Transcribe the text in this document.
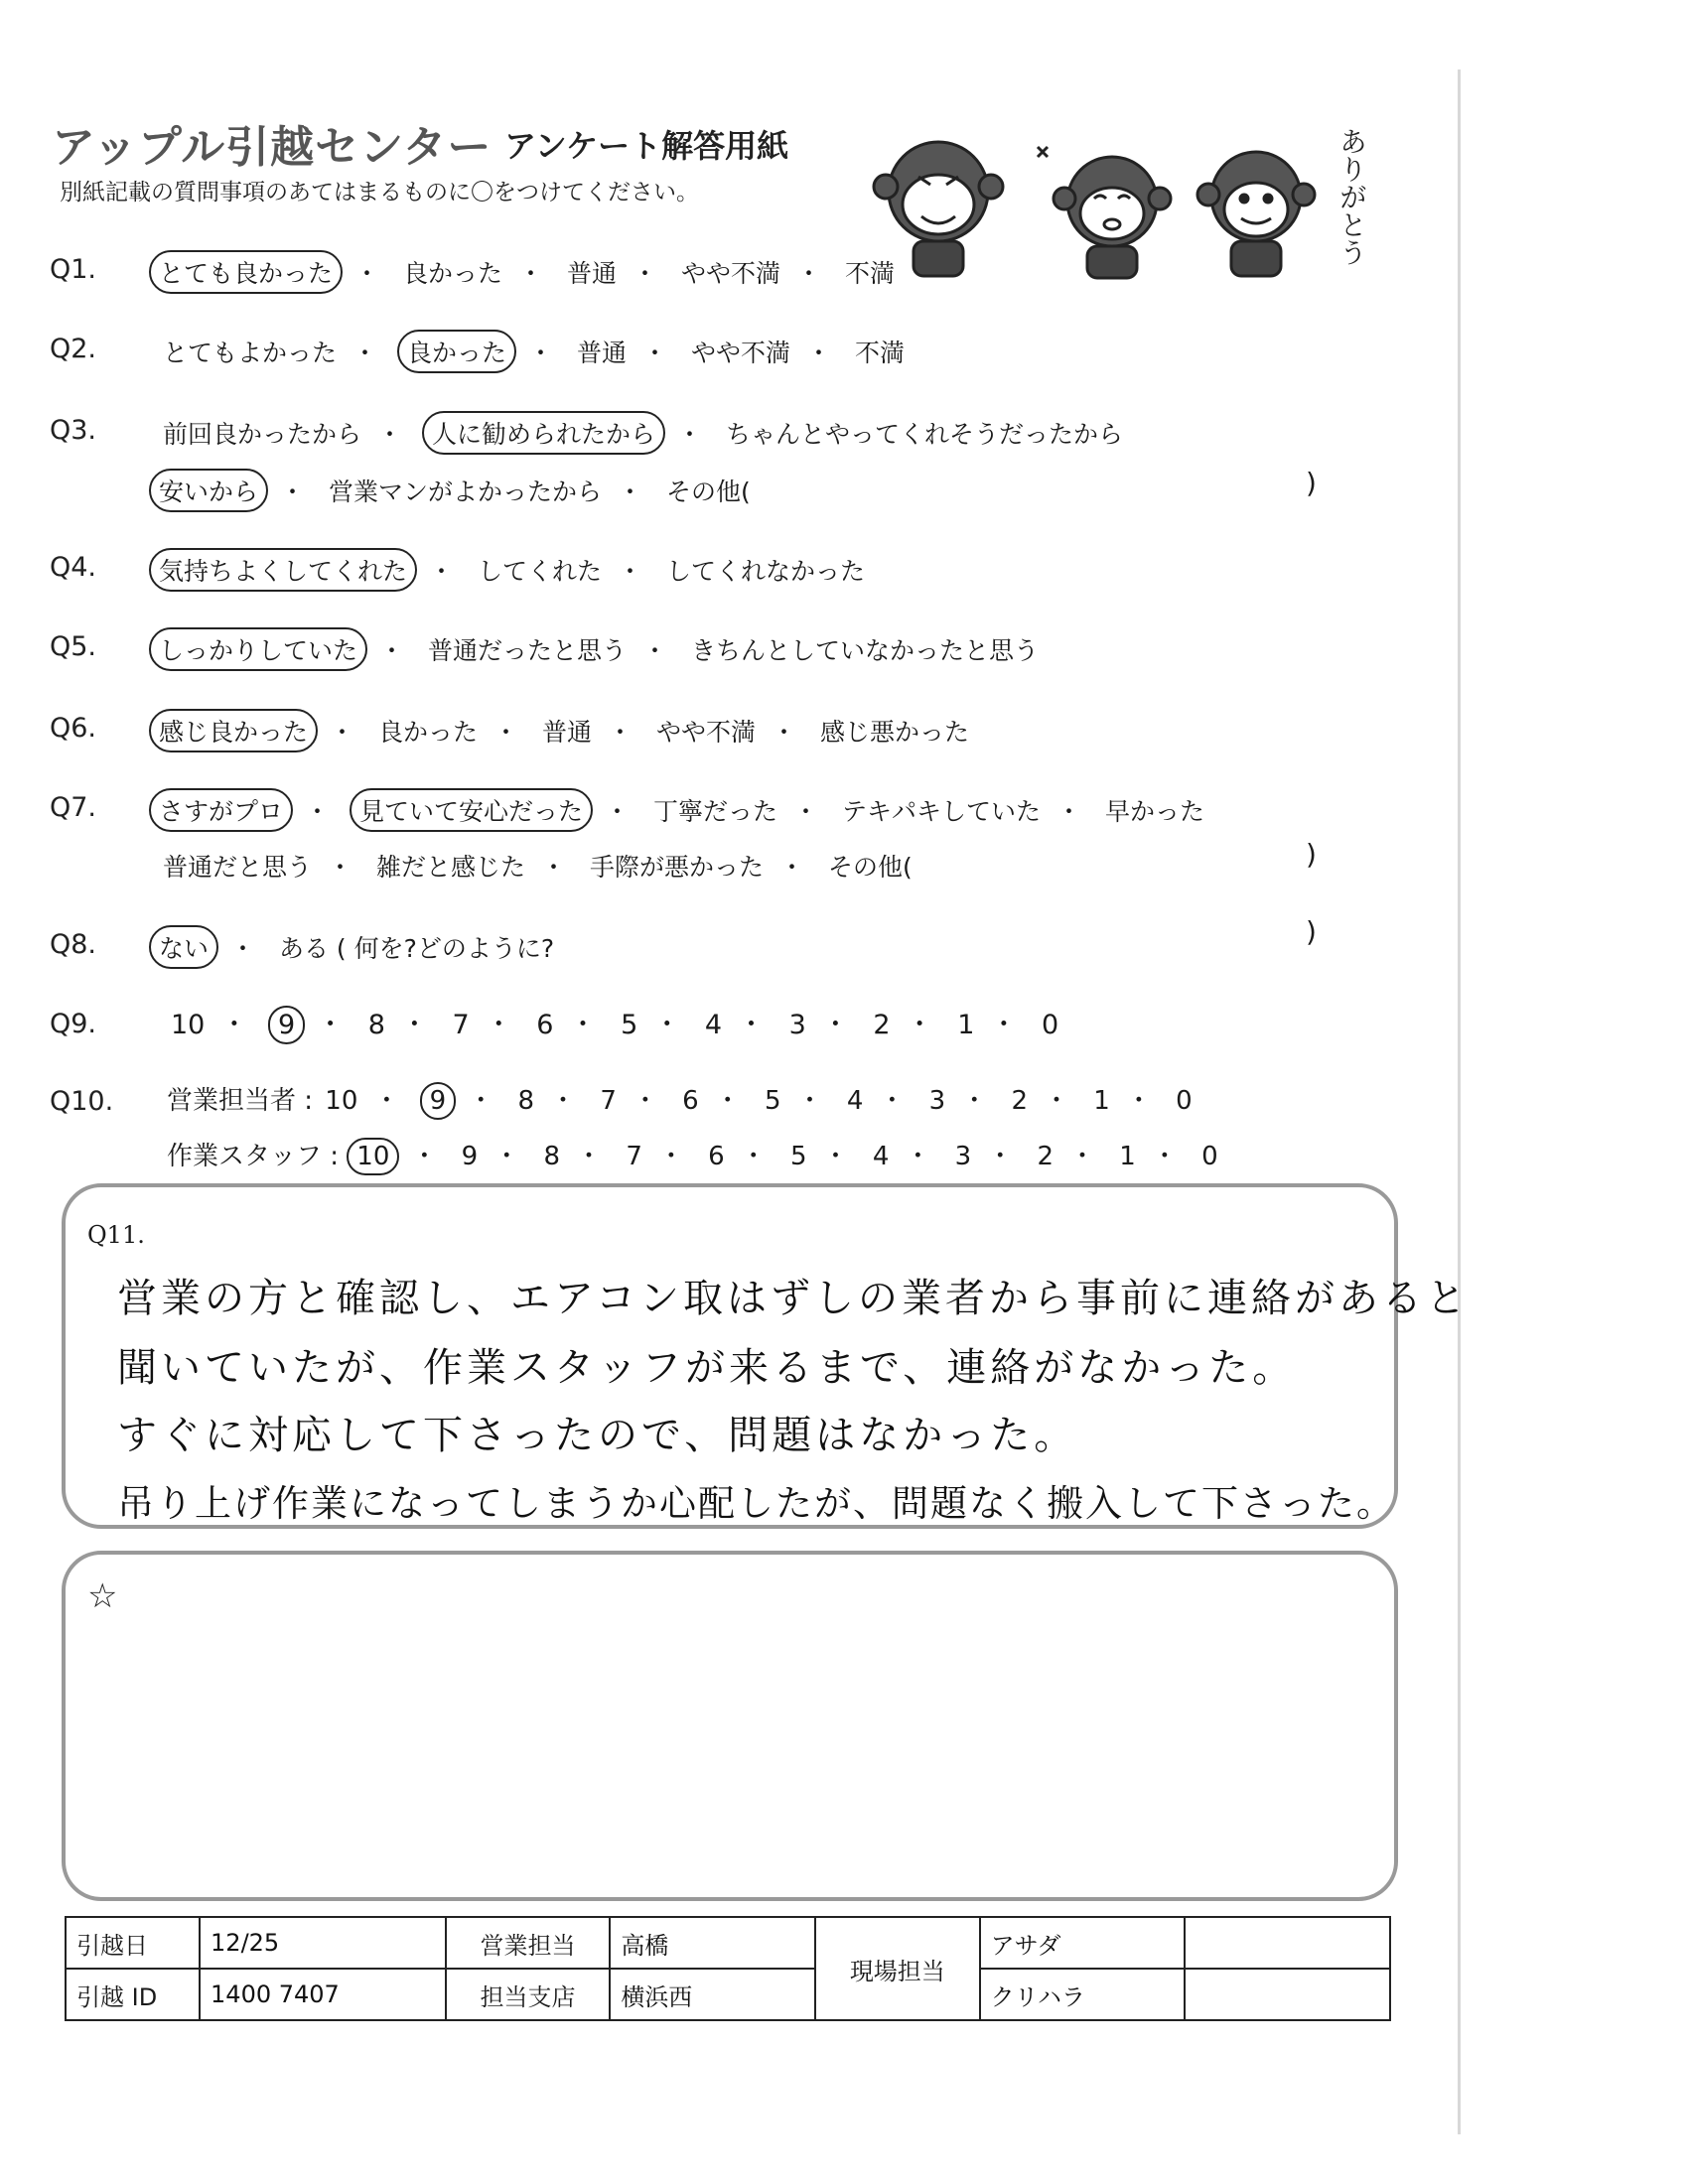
アップル引越センター アンケート解答用紙
別紙記載の質問事項のあてはまるものに〇をつけてください。	ありがとう
Q1.	とても良かった ・ 良かった ・ 普通 ・ やや不満 ・ 不満
Q2.	とてもよかった ・ 良かった ・ 普通 ・ やや不満 ・ 不満
Q3.	前回良かったから ・ 人に勧められたから ・ ちゃんとやってくれそうだったから
安いから ・ 営業マンがよかったから ・ その他(	)
Q4.	気持ちよくしてくれた ・ してくれた ・ してくれなかった
Q5.	しっかりしていた ・ 普通だったと思う ・ きちんとしていなかったと思う
Q6.	感じ良かった ・ 良かった ・ 普通 ・ やや不満 ・ 感じ悪かった
Q7.	さすがプロ ・ 見ていて安心だった ・ 丁寧だった ・ テキパキしていた ・ 早かった
普通だと思う ・ 雑だと感じた ・ 手際が悪かった ・ その他(	)
Q8.	ない ・ ある ( 何を?どのように?
)
Q9.	10 ・ 9 ・ 8 ・ 7 ・ 6 ・ 5 ・ 4 ・ 3 ・ 2 ・ 1 ・ 0
Q10. 営業担当者 : 10 ・ 9 ・ 8 ・ 7 ・ 6 ・ 5 ・ 4 ・ 3 ・ 2 ・ 1 ・ 0
作業スタッフ : 10 ・ 9 ・ 8 ・ 7 ・ 6 ・ 5 ・ 4 ・ 3 ・ 2 ・ 1 ・ 0
Q11.
営業の方と確認し、エアコン取はずしの業者から事前に連絡があると
聞いていたが、作業スタッフが来るまで、連絡がなかった。
すぐに対応して下さったので、問題はなかった。
吊り上げ作業になってしまうか心配したが、問題なく搬入して下さった。
☆
引越日	12/25	営業担当	高橋	現場担当	アサダ	
引越 ID	1400 7407	担当支店	横浜西		クリハラ	
